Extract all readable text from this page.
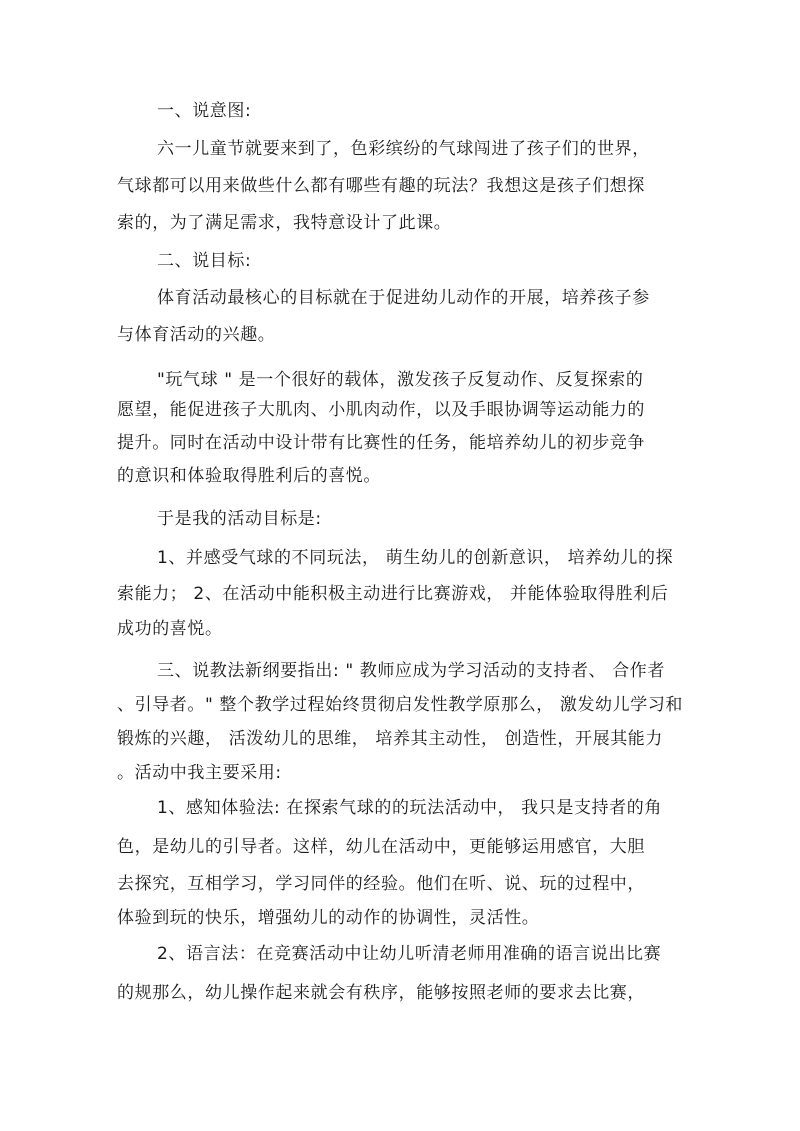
一、说意图:
六一儿童节就要来到了，色彩缤纷的气球闯进了孩子们的世界，
气球都可以用来做些什么都有哪些有趣的玩法？我想这是孩子们想探
索的，为了满足需求，我特意设计了此课。
二、说目标:
体育活动最核心的目标就在于促进幼儿动作的开展，培养孩子参
与体育活动的兴趣。
"玩气球 " 是一个很好的载体，激发孩子反复动作、反复探索的
愿望，能促进孩子大肌肉、小肌肉动作，以及手眼协调等运动能力的
提升。同时在活动中设计带有比赛性的任务，能培养幼儿的初步竞争
的意识和体验取得胜利后的喜悦。
于是我的活动目标是:
1、并感受气球的不同玩法， 萌生幼儿的创新意识， 培养幼儿的探
索能力； 2、在活动中能积极主动进行比赛游戏， 并能体验取得胜利后
成功的喜悦。
三、说教法新纲要指出: " 教师应成为学习活动的支持者、 合作者
、引导者。" 整个教学过程始终贯彻启发性教学原那么， 激发幼儿学习和
锻炼的兴趣， 活泼幼儿的思维， 培养其主动性， 创造性，开展其能力
。活动中我主要采用:
1、感知体验法: 在探索气球的的玩法活动中， 我只是支持者的角
色，是幼儿的引导者。这样，幼儿在活动中，更能够运用感官，大胆
去探究，互相学习，学习同伴的经验。他们在听、说、玩的过程中，
体验到玩的快乐，增强幼儿的动作的协调性，灵活性。
2、语言法：在竞赛活动中让幼儿听清老师用准确的语言说出比赛
的规那么，幼儿操作起来就会有秩序，能够按照老师的要求去比赛，
